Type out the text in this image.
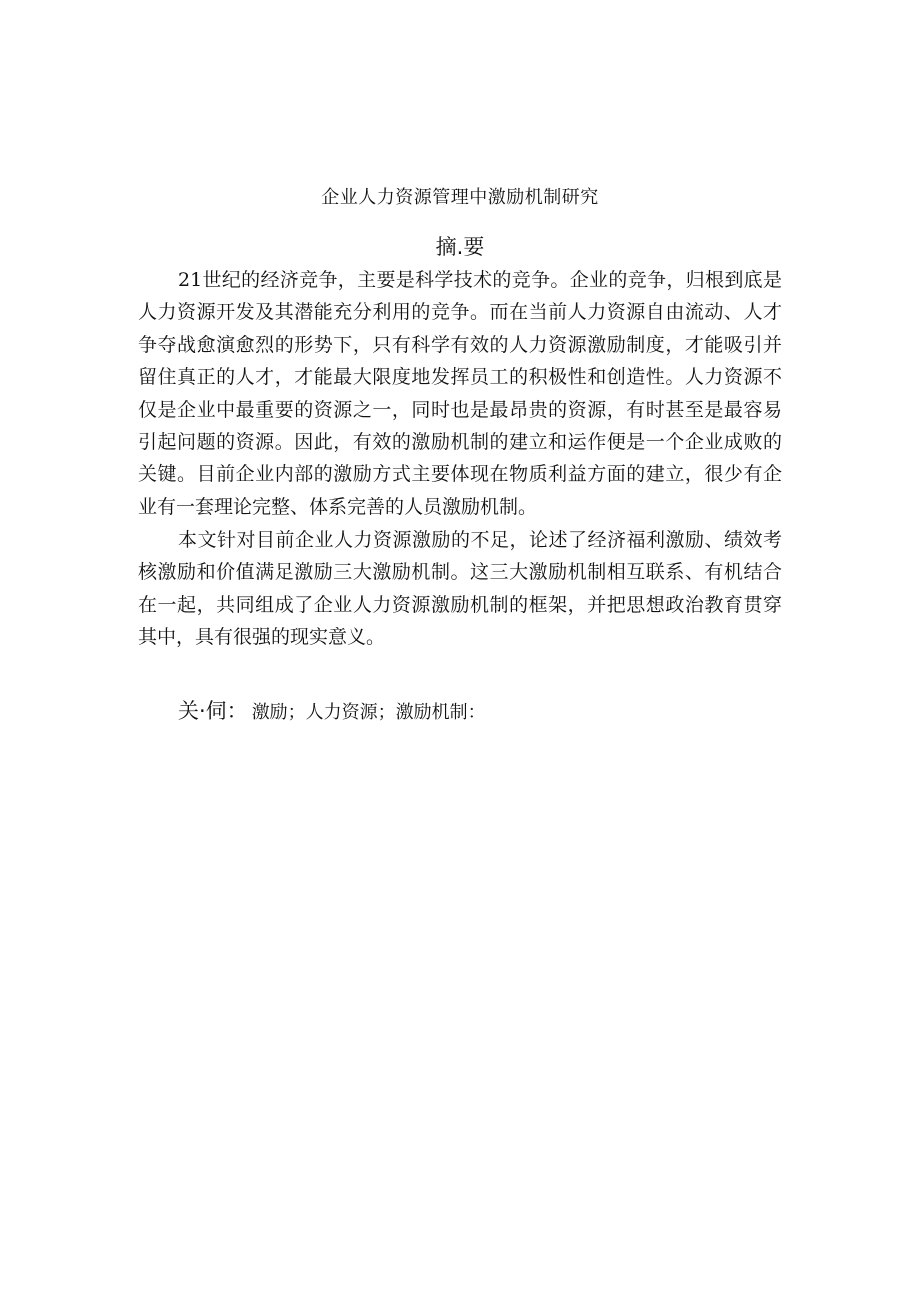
企业人力资源管理中激励机制研究
摘.要

21世纪的经济竞争，主要是科学技术的竞争。企业的竞争，归根到底是人力资源开发及其潜能充分利用的竞争。而在当前人力资源自由流动、人才争夺战愈演愈烈的形势下，只有科学有效的人力资源激励制度，才能吸引并留住真正的人才，才能最大限度地发挥员工的积极性和创造性。人力资源不仅是企业中最重要的资源之一，同时也是最昂贵的资源，有时甚至是最容易引起问题的资源。因此，有效的激励机制的建立和运作便是一个企业成败的关键。目前企业内部的激励方式主要体现在物质利益方面的建立，很少有企业有一套理论完整、体系完善的人员激励机制。

本文针对目前企业人力资源激励的不足，论述了经济福利激励、绩效考核激励和价值满足激励三大激励机制。这三大激励机制相互联系、有机结合在一起，共同组成了企业人力资源激励机制的框架，并把思想政治教育贯穿其中，具有很强的现实意义。

关·伺： 激励；人力资源；激励机制：
